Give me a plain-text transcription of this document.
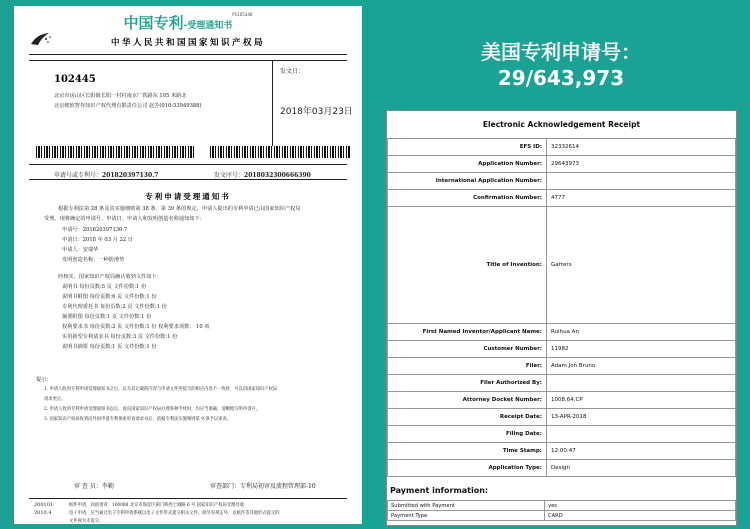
中国专利-受理通知书$^{P110534K}$
中华人民共和国国家知识产权局
发文日：
102445
北京市房山区长阳镇长阳一村村南京广铁路东 105 米路北
北京细软智谷知识产权代理有限责任公司 赵芳(010-53949388)
2018年03月23日
申请号或专利号：201820397130.7	发文序号：2018032300666390
专利申请受理通知书
根据专利法第 28 条及其实施细则第 38 条、第 39 条的规定，申请人提出的专利申请已由国家知识产权局
受理。现将确定的申请号、申请日、申请人和发明创造名称通知如下：
申请号：201820397130.7
申请日：2018 年 03 月 22 日
申请人：安瑞华
发明创造名称：一种防滑垫
经核实，国家知识产权局确认收到文件如下：
说明书 每份页数:5 页 文件份数:1 份
说明书附图 每份页数:6 页 文件份数:1 份
专利代理委托书 每份页数:2 页 文件份数:1 份
摘要附图 每份页数:1 页 文件份数:1 份
权利要求书 每份页数:2 页 文件份数:1 份 权利要求项数： 10 项
实用新型专利请求书 每份页数:3 页 文件份数:1 份
说明书摘要 每份页数:1 页 文件份数:1 份
提示：
1. 申请人收到专利申请受理通知书之后，认为其记载的内容与申请文件所提交的相应内容不一致时，可以向国家知识产权局
请求更正。
2. 申请人收到专利申请受理通知书以后，再向国家知识产权局办理各种手续时，均应当准确、清晰地写明申请号。
3. 国家知识产权局收到向外国申请专利保密审查请求书后，依据专利法实施细则第 9 条予以审查。
审 查 员：李勤	审查部门：专利局初审及流程管理部-10
200101
2010.4
纸件申请，回函请寄：100088 北京市海淀区蓟门桥西土城路 6 号 国家知识产权局受理处收
电子申请，应当通过电子专利申请系统以电子文件形式提交相关文件。除另有规定外，以纸件等其他形式提交的
文件视为未提交。
美国专利申请号：
29/643,973
Electronic Acknowledgement Receipt
EFS ID:	32332614
Application Number:	29643973
International Application Number:	
Confirmation Number:	4777
Title of Invention:	Garters
First Named Inventor/Applicant Name:	Ruihua An
Customer Number:	11982
Filer:	Adam Jon Bruno
Filer Authorized By:	
Attorney Docket Number:	1008.64.CP
Receipt Date:	13-APR-2018
Filing Date:	
Time Stamp:	12:00:47
Application Type:	Design
Payment information:
Submitted with Payment	yes
Payment Type	CARD
